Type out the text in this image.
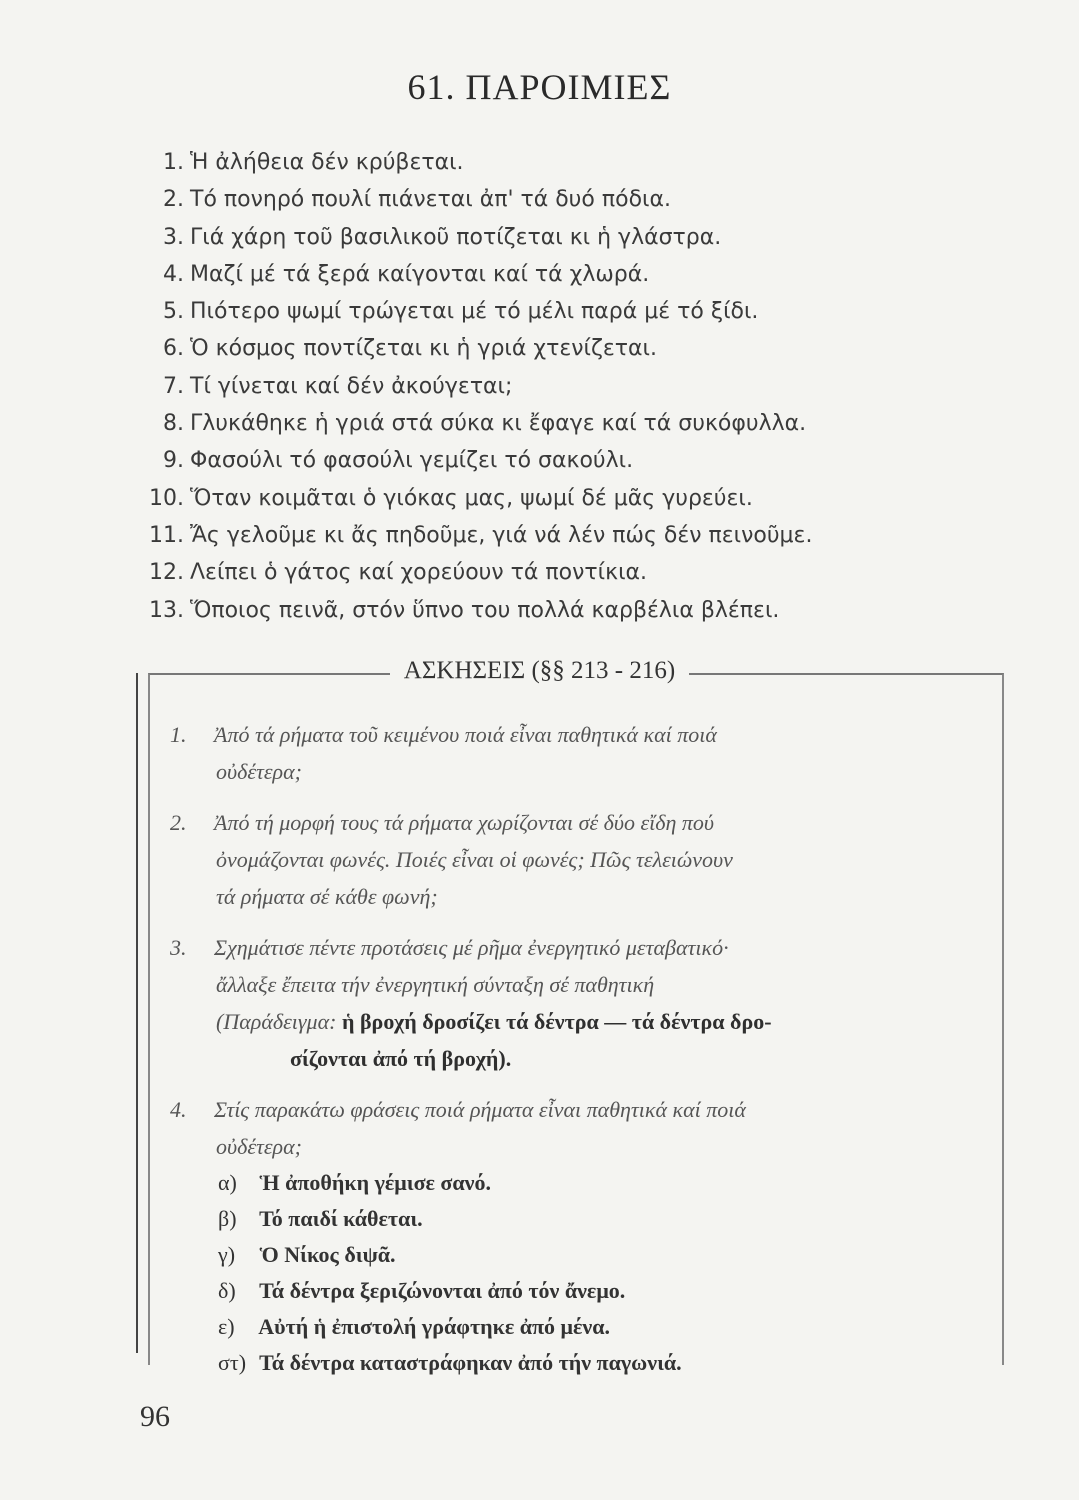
61. ΠΑΡΟΙΜΙΕΣ
1. Ἡ ἀλήθεια δέν κρύβεται.
2. Τό πονηρό πουλί πιάνεται ἀπ' τά δυό πόδια.
3. Γιά χάρη τοῦ βασιλικοῦ ποτίζεται κι ἡ γλάστρα.
4. Μαζί μέ τά ξερά καίγονται καί τά χλωρά.
5. Πιότερο ψωμί τρώγεται μέ τό μέλι παρά μέ τό ξίδι.
6. Ὁ κόσμος ποντίζεται κι ἡ γριά χτενίζεται.
7. Τί γίνεται καί δέν ἀκούγεται;
8. Γλυκάθηκε ἡ γριά στά σύκα κι ἔφαγε καί τά συκόφυλλα.
9. Φασούλι τό φασούλι γεμίζει τό σακούλι.
10. Ὅταν κοιμᾶται ὁ γιόκας μας, ψωμί δέ μᾶς γυρεύει.
11. Ἄς γελοῦμε κι ἄς πηδοῦμε, γιά νά λέν πώς δέν πεινοῦμε.
12. Λείπει ὁ γάτος καί χορεύουν τά ποντίκια.
13. Ὅποιος πεινᾶ, στόν ὕπνο του πολλά καρβέλια βλέπει.
ΑΣΚΗΣΕΙΣ (§§ 213 - 216)
1. Ἀπό τά ρήματα τοῦ κειμένου ποιά εἶναι παθητικά καί ποιά
οὐδέτερα;
2. Ἀπό τή μορφή τους τά ρήματα χωρίζονται σέ δύο εἴδη πού
ὀνομάζονται φωνές. Ποιές εἶναι οἱ φωνές; Πῶς τελειώνουν
τά ρήματα σέ κάθε φωνή;
3. Σχημάτισε πέντε προτάσεις μέ ρῆμα ἐνεργητικό μεταβατικό·
ἄλλαξε ἔπειτα τήν ἐνεργητική σύνταξη σέ παθητική
(Παράδειγμα: ἡ βροχή δροσίζει τά δέντρα — τά δέντρα δρο-
σίζονται ἀπό τή βροχή).
4. Στίς παρακάτω φράσεις ποιά ρήματα εἶναι παθητικά καί ποιά
οὐδέτερα;
α) Ἡ ἀποθήκη γέμισε σανό.
β) Τό παιδί κάθεται.
γ) Ὁ Νίκος διψᾶ.
δ) Τά δέντρα ξεριζώνονται ἀπό τόν ἄνεμο.
ε) Αὐτή ἡ ἐπιστολή γράφτηκε ἀπό μένα.
στ) Τά δέντρα καταστράφηκαν ἀπό τήν παγωνιά.
96
